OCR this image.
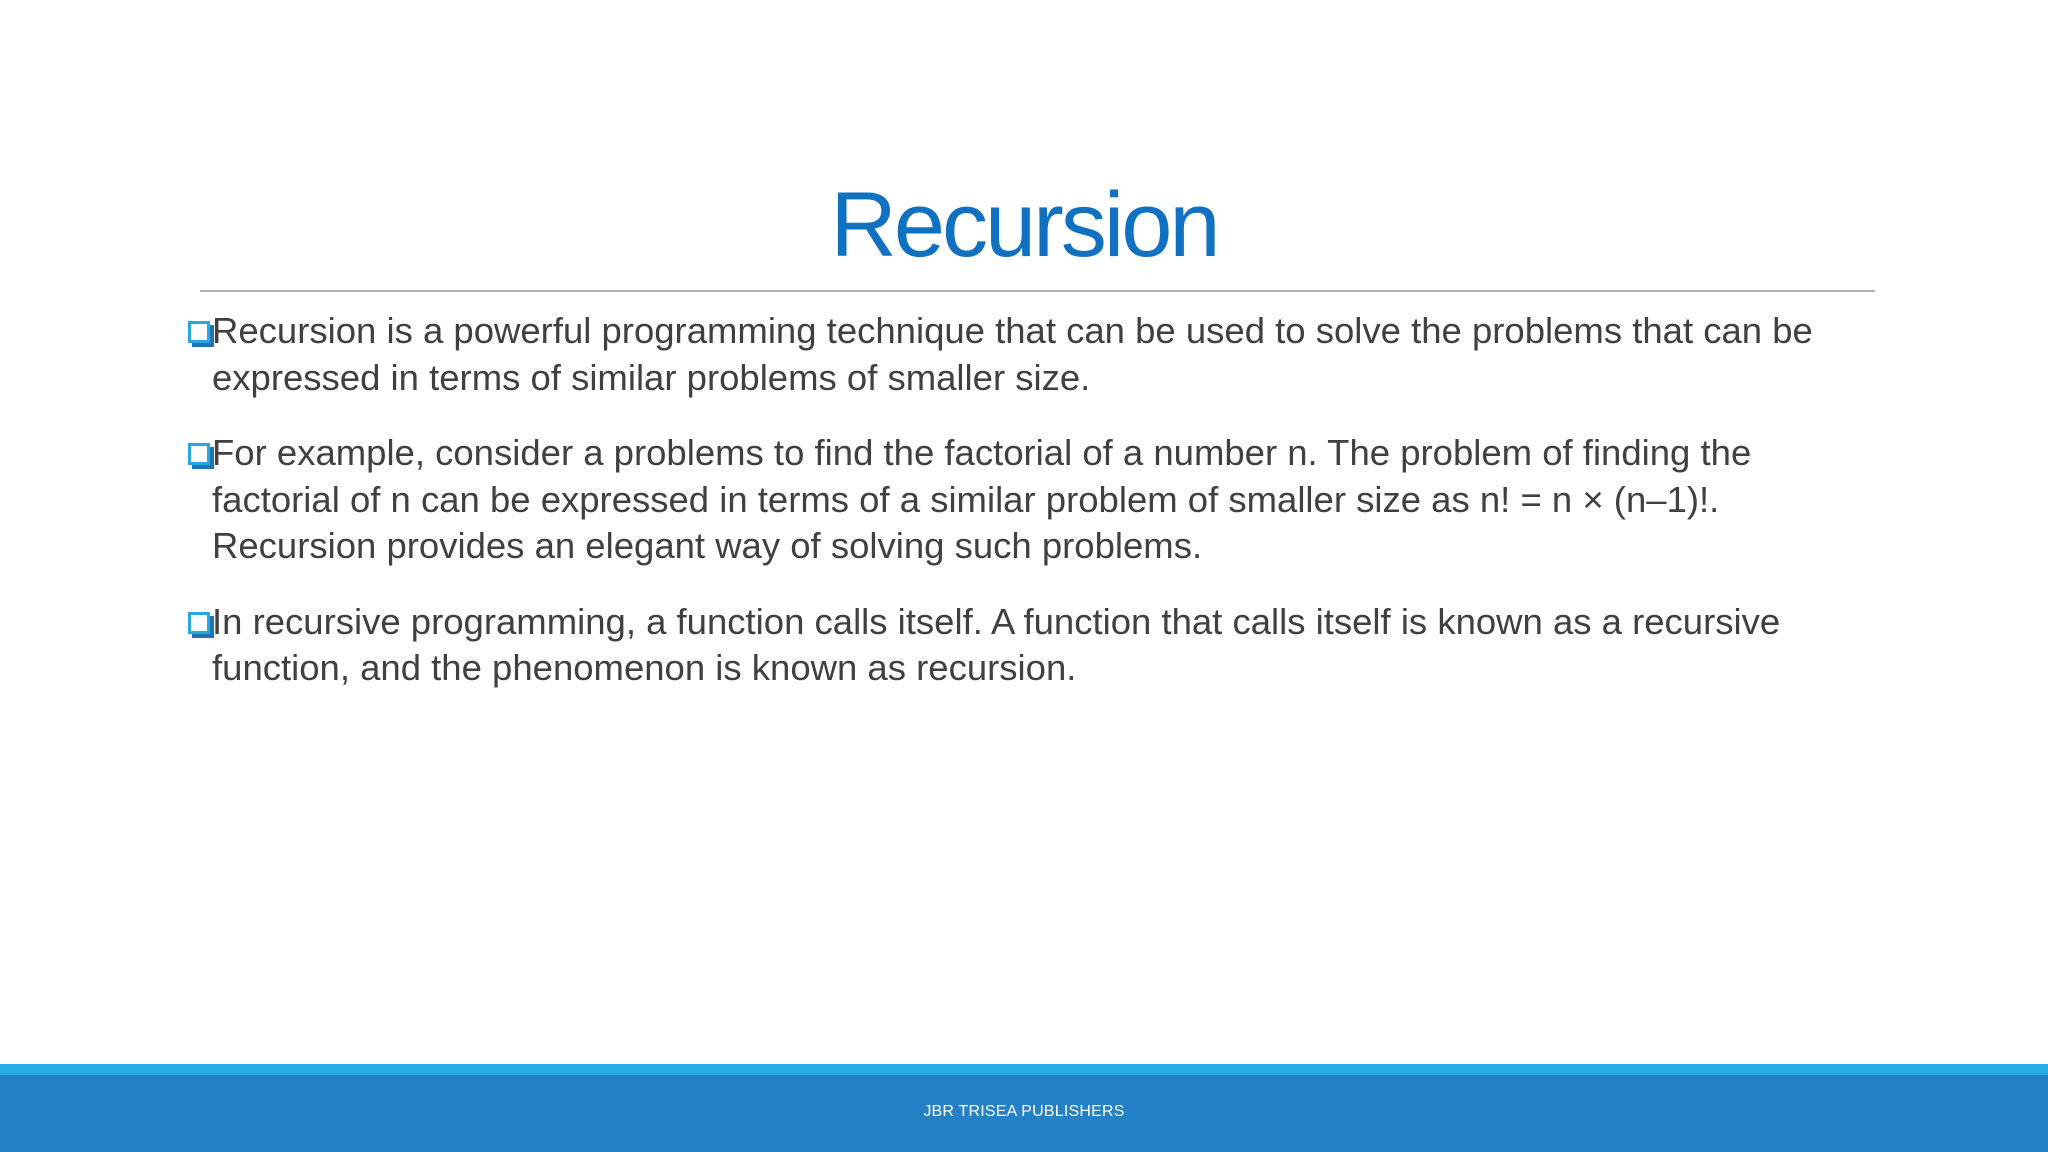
Recursion
Recursion is a powerful programming technique that can be used to solve the problems that can be expressed in terms of similar problems of smaller size.
For example, consider a problems to find the factorial of a number n. The problem of finding the factorial of n can be expressed in terms of a similar problem of smaller size as n! = n × (n–1)!. Recursion provides an elegant way of solving such problems.
In recursive programming, a function calls itself. A function that calls itself is known as a recursive function, and the phenomenon is known as recursion.
JBR TRISEA PUBLISHERS
